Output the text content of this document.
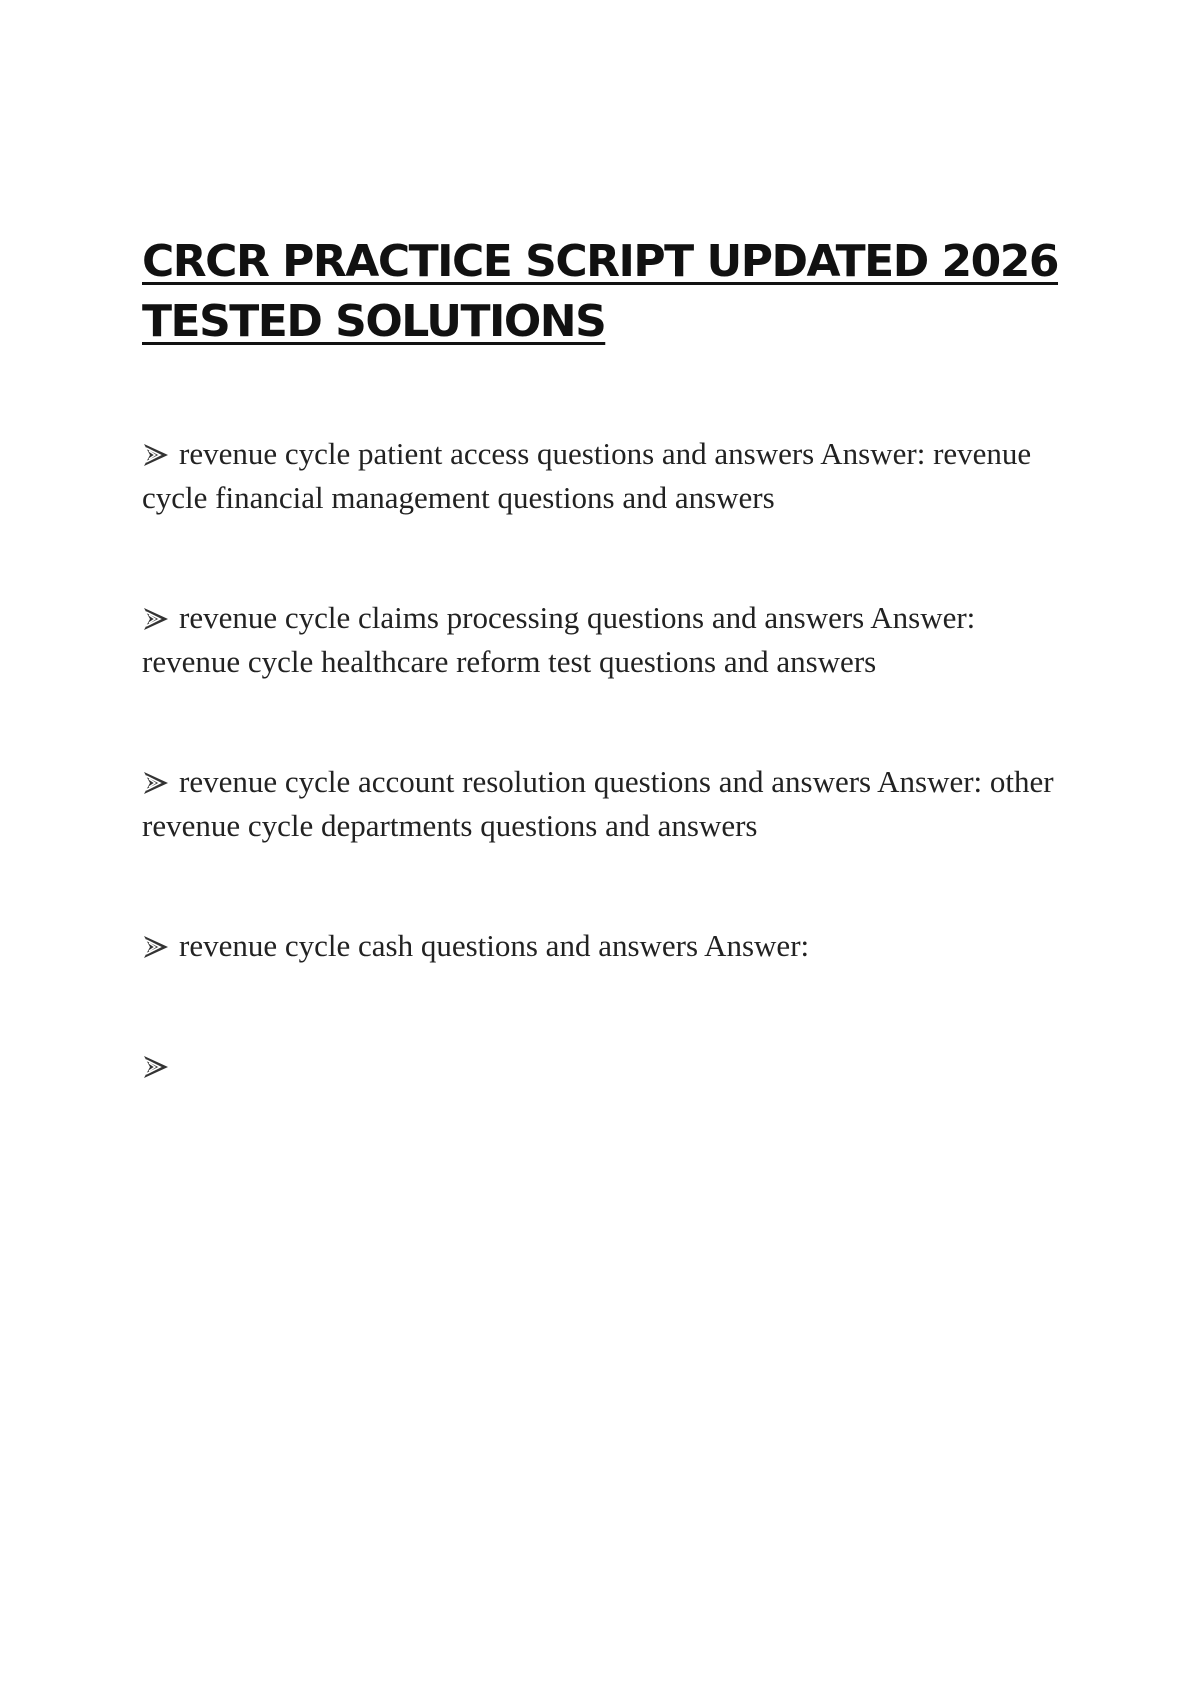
CRCR PRACTICE SCRIPT UPDATED 2026 TESTED SOLUTIONS

revenue cycle patient access questions and answers Answer: revenue cycle financial management questions and answers

revenue cycle claims processing questions and answers Answer: revenue cycle healthcare reform test questions and answers

revenue cycle account resolution questions and answers Answer: other revenue cycle departments questions and answers

revenue cycle cash questions and answers Answer:
